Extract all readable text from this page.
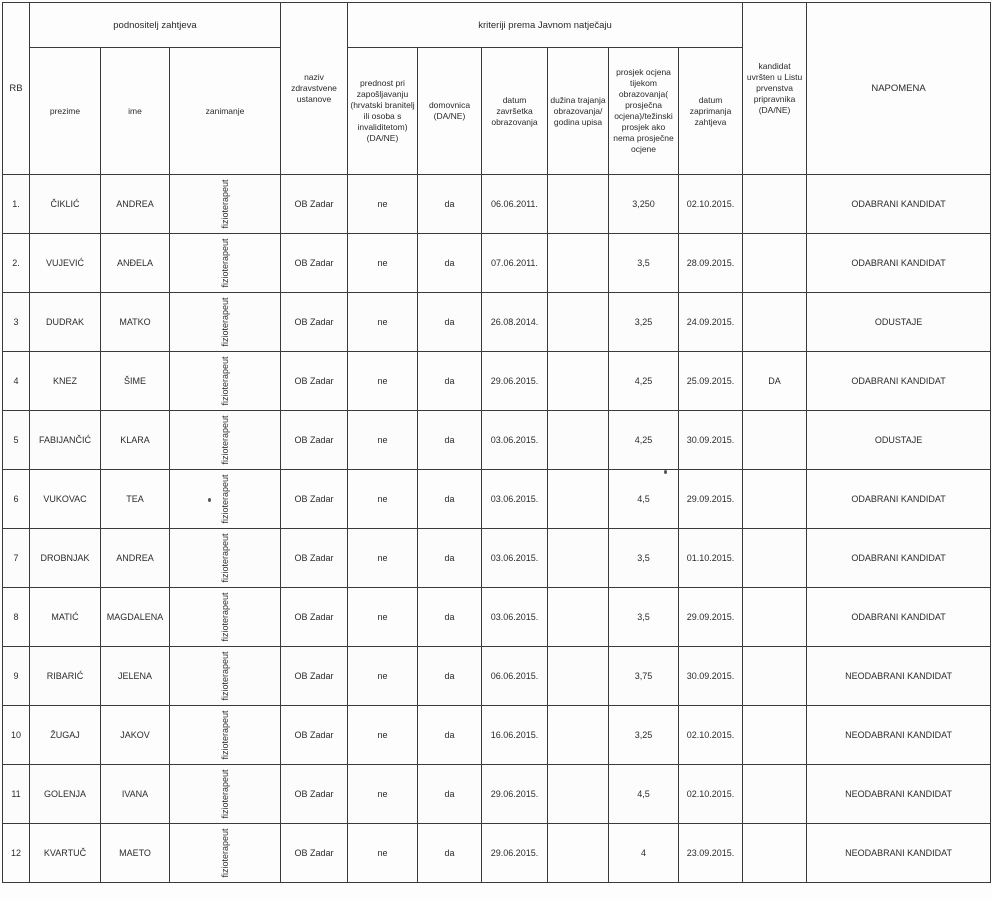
RB	podnositelj zahtjeva			naziv zdravstvene ustanove	kriteriji prema Javnom natječaju						kandidat uvršten u Listu prvenstva pripravnika (DA/NE)	NAPOMENA
	prezime	ime	zanimanje		prednost pri zapošljavanju (hrvatski branitelj ili osoba s invaliditetom) (DA/NE)	domovnica (DA/NE)	datum završetka obrazovanja	dužina trajanja obrazovanja/ godina upisa	prosjek ocjena tijekom obrazovanja( prosječna ocjena)/težinski prosjek ako nema prosječne ocjene	datum zaprimanja zahtjeva		
1.	ČIKLIĆ	ANDREA	fizioterapeut	OB Zadar	ne	da	06.06.2011.		3,250	02.10.2015.		ODABRANI KANDIDAT
2.	VUJEVIĆ	ANĐELA	fizioterapeut	OB Zadar	ne	da	07.06.2011.		3,5	28.09.2015.		ODABRANI KANDIDAT
3	DUDRAK	MATKO	fizioterapeut	OB Zadar	ne	da	26.08.2014.		3,25	24.09.2015.		ODUSTAJE
4	KNEZ	ŠIME	fizioterapeut	OB Zadar	ne	da	29.06.2015.		4,25	25.09.2015.	DA	ODABRANI KANDIDAT
5	FABIJANČIĆ	KLARA	fizioterapeut	OB Zadar	ne	da	03.06.2015.		4,25	30.09.2015.		ODUSTAJE
6	VUKOVAC	TEA	fizioterapeut	OB Zadar	ne	da	03.06.2015.		4,5	29.09.2015.		ODABRANI KANDIDAT
7	DROBNJAK	ANDREA	fizioterapeut	OB Zadar	ne	da	03.06.2015.		3,5	01.10.2015.		ODABRANI KANDIDAT
8	MATIĆ	MAGDALENA	fizioterapeut	OB Zadar	ne	da	03.06.2015.		3,5	29.09.2015.		ODABRANI KANDIDAT
9	RIBARIĆ	JELENA	fizioterapeut	OB Zadar	ne	da	06.06.2015.		3,75	30.09.2015.		NEODABRANI KANDIDAT
10	ŽUGAJ	JAKOV	fizioterapeut	OB Zadar	ne	da	16.06.2015.		3,25	02.10.2015.		NEODABRANI KANDIDAT
11	GOLENJA	IVANA	fizioterapeut	OB Zadar	ne	da	29.06.2015.		4,5	02.10.2015.		NEODABRANI KANDIDAT
12	KVARTUČ	MAETO	fizioterapeut	OB Zadar	ne	da	29.06.2015.		4	23.09.2015.		NEODABRANI KANDIDAT
